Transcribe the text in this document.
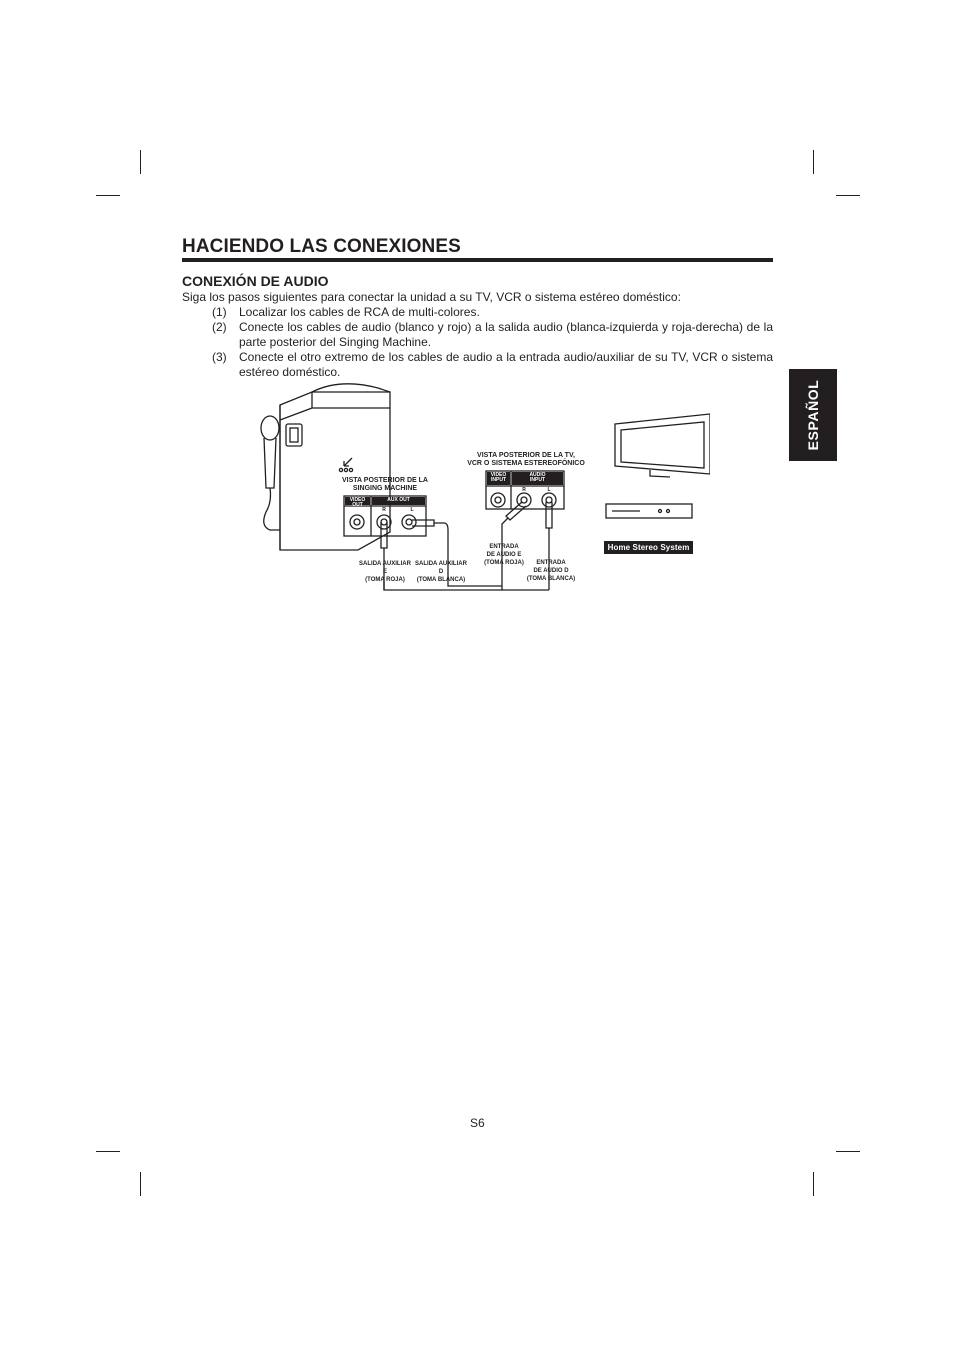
HACIENDO LAS CONEXIONES
CONEXIÓN DE AUDIO
Siga los pasos siguientes para conectar la unidad a su TV, VCR o sistema estéreo doméstico:
(1) Localizar los cables de RCA de multi-colores.
(2) Conecte los cables de audio (blanco y rojo) a la salida audio (blanca-izquierda y roja-derecha) de la parte posterior del Singing Machine.
(3) Conecte el otro extremo de los cables de audio a la entrada audio/auxiliar de su TV, VCR o sistema estéreo doméstico.
ESPAÑOL
VISTA POSTERIOR DE LA
SINGING MACHINE
VIDEO
OUT
AUX OUT
R	L
VISTA POSTERIOR DE LA TV,
VCR O SISTEMA ESTEREOFÓNICO
VIDEO
INPUT
AUDIO
INPUT
R	L
SALIDA AUXILIAR
E
(TOMA ROJA)
SALIDA AUXILIAR
D
(TOMA BLANCA)
ENTRADA
DE AUDIO E
(TOMA ROJA)	ENTRADA
DE AUDIO D
(TOMA BLANCA)
Home Stereo System
S6
